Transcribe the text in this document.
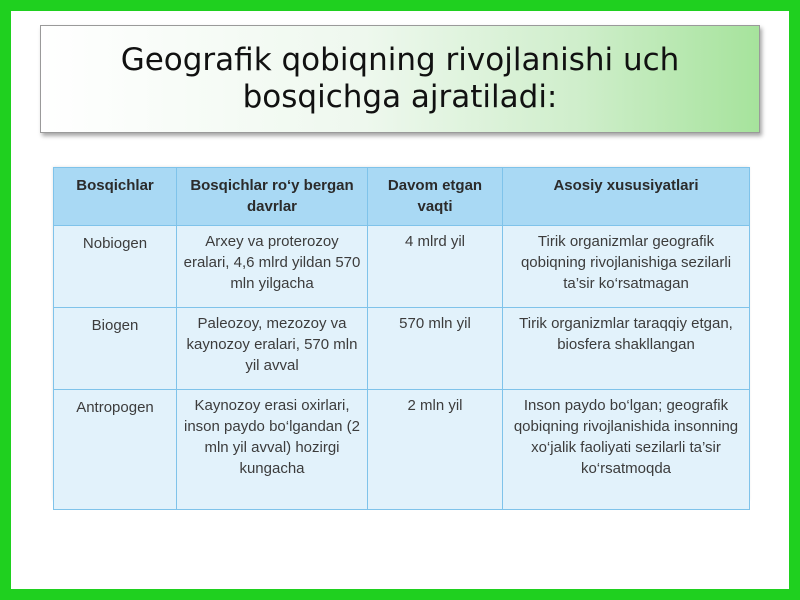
Geografik qobiqning rivojlanishi uch bosqichga ajratiladi:
Bosqichlar	Bosqichlar ro‘y bergan davrlar	Davom etgan vaqti	Asosiy xususiyatlari
Nobiogen	Arxey va proterozoy eralari, 4,6 mlrd yildan 570 mln yilgacha	4 mlrd yil	Tirik organizmlar geografik qobiqning rivojlanishiga sezilarli ta’sir ko‘rsatmagan
Biogen	Paleozoy, mezozoy va kaynozoy eralari, 570 mln yil avval	570 mln yil	Tirik organizmlar taraqqiy etgan, biosfera shakllangan
Antropogen	Kaynozoy erasi oxirlari, inson paydo bo‘lgandan (2 mln yil avval) hozirgi kungacha	2 mln yil	Inson paydo bo‘lgan; geografik qobiqning rivojlanishida insonning xo‘jalik faoliyati sezilarli ta’sir ko‘rsatmoqda
